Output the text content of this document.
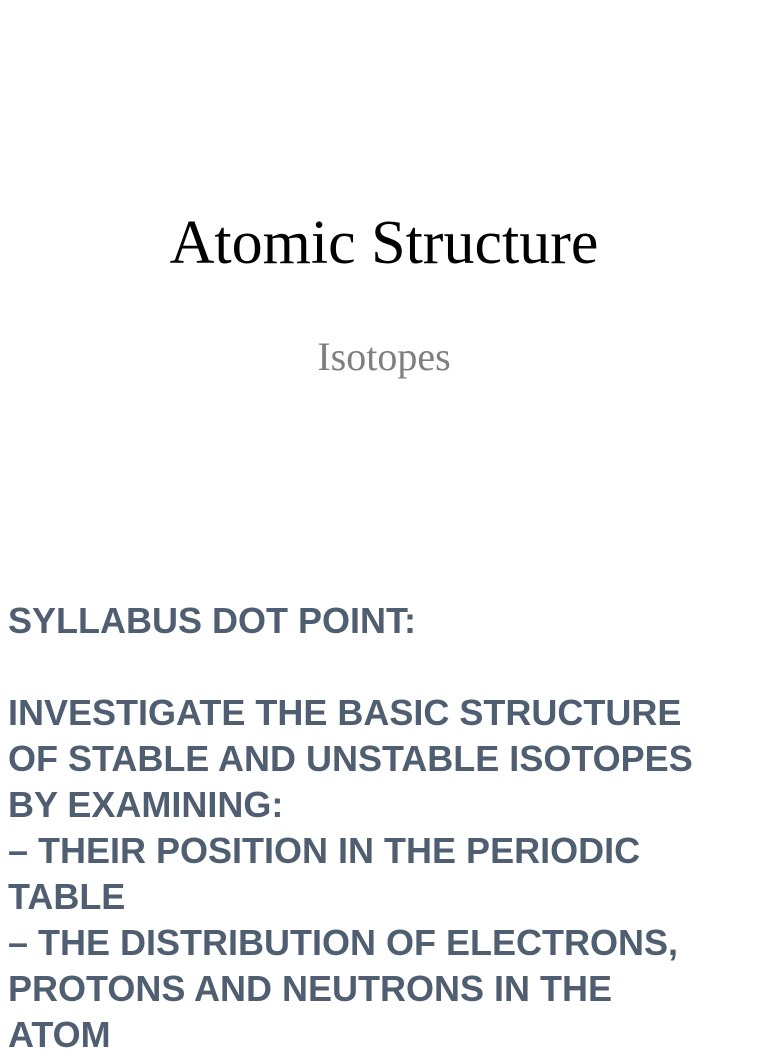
Atomic Structure

Isotopes

SYLLABUS DOT POINT:
INVESTIGATE THE BASIC STRUCTURE
OF STABLE AND UNSTABLE ISOTOPES
BY EXAMINING:
– THEIR POSITION IN THE PERIODIC
TABLE
– THE DISTRIBUTION OF ELECTRONS,
PROTONS AND NEUTRONS IN THE
ATOM
